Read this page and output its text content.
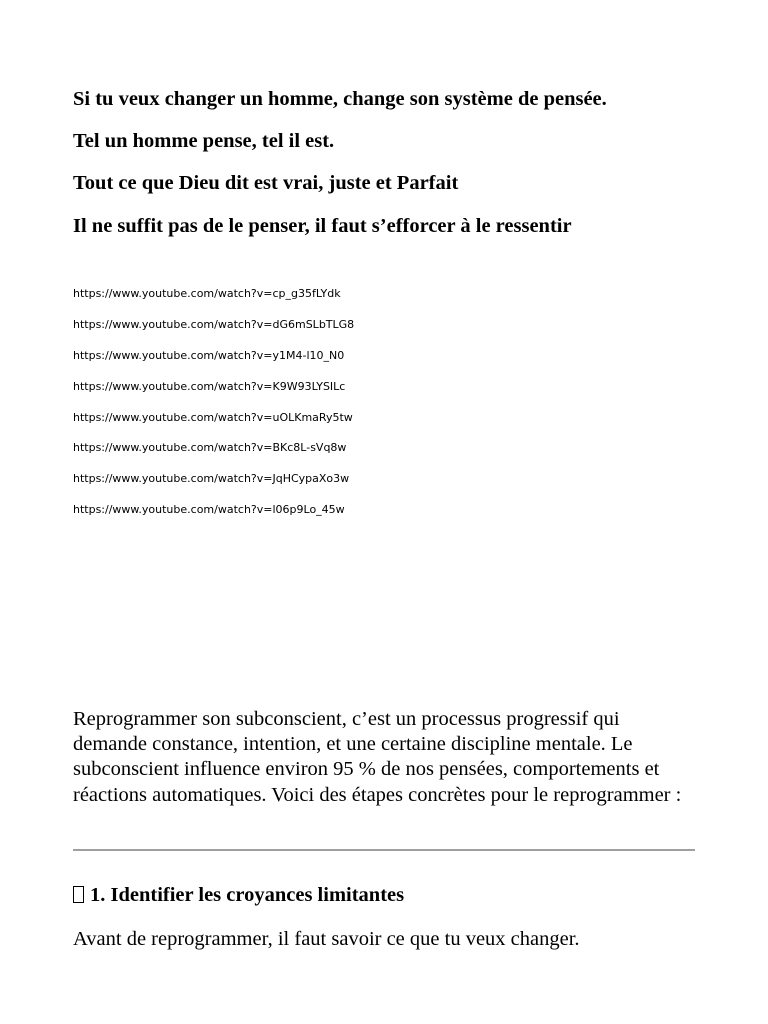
Si tu veux changer un homme, change son système de pensée.

Tel un homme pense, tel il est.

Tout ce que Dieu dit est vrai, juste et Parfait

Il ne suffit pas de le penser, il faut s’efforcer à le ressentir

https://www.youtube.com/watch?v=cp_g35fLYdk
https://www.youtube.com/watch?v=dG6mSLbTLG8
https://www.youtube.com/watch?v=y1M4-l10_N0
https://www.youtube.com/watch?v=K9W93LYSILc
https://www.youtube.com/watch?v=uOLKmaRy5tw
https://www.youtube.com/watch?v=BKc8L-sVq8w
https://www.youtube.com/watch?v=JqHCypaXo3w
https://www.youtube.com/watch?v=l06p9Lo_45w

Reprogrammer son subconscient, c’est un processus progressif qui demande constance, intention, et une certaine discipline mentale. Le subconscient influence environ 95 % de nos pensées, comportements et réactions automatiques. Voici des étapes concrètes pour le reprogrammer :

1. Identifier les croyances limitantes

Avant de reprogrammer, il faut savoir ce que tu veux changer.
